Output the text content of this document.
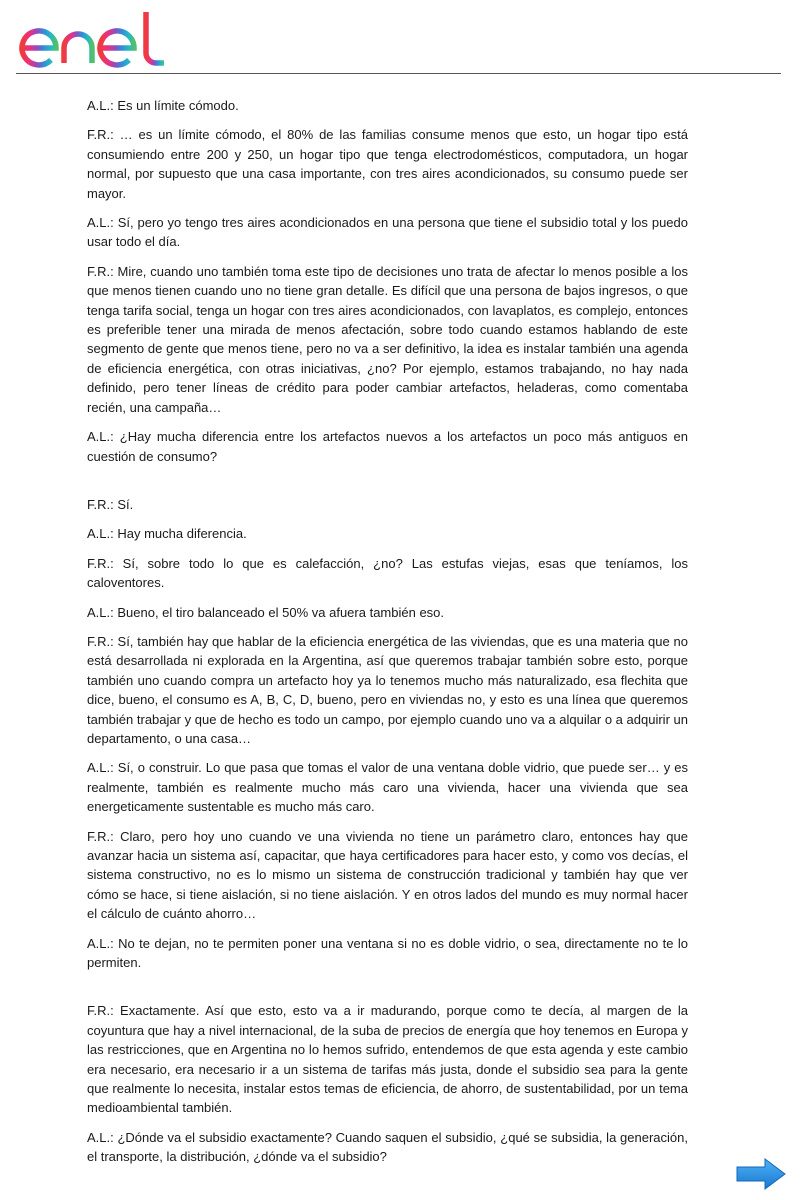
A.L.: Es un límite cómodo.

F.R.: … es un límite cómodo, el 80% de las familias consume menos que esto, un hogar tipo está consumiendo entre 200 y 250, un hogar tipo que tenga electrodomésticos, computadora, un hogar normal, por supuesto que una casa importante, con tres aires acondicionados, su consumo puede ser mayor.

A.L.: Sí, pero yo tengo tres aires acondicionados en una persona que tiene el subsidio total y los puedo usar todo el día.

F.R.: Mire, cuando uno también toma este tipo de decisiones uno trata de afectar lo menos posible a los que menos tienen cuando uno no tiene gran detalle. Es difícil que una persona de bajos ingresos, o que tenga tarifa social, tenga un hogar con tres aires acondicionados, con lavaplatos, es complejo, entonces es preferible tener una mirada de menos afectación, sobre todo cuando estamos hablando de este segmento de gente que menos tiene, pero no va a ser definitivo, la idea es instalar también una agenda de eficiencia energética, con otras iniciativas, ¿no? Por ejemplo, estamos trabajando, no hay nada definido, pero tener líneas de crédito para poder cambiar artefactos, heladeras, como comentaba recién, una campaña…

A.L.: ¿Hay mucha diferencia entre los artefactos nuevos a los artefactos un poco más antiguos en cuestión de consumo?

F.R.: Sí.

A.L.: Hay mucha diferencia.

F.R.: Sí, sobre todo lo que es calefacción, ¿no? Las estufas viejas, esas que teníamos, los caloventores.

A.L.: Bueno, el tiro balanceado el 50% va afuera también eso.

F.R.: Sí, también hay que hablar de la eficiencia energética de las viviendas, que es una materia que no está desarrollada ni explorada en la Argentina, así que queremos trabajar también sobre esto, porque también uno cuando compra un artefacto hoy ya lo tenemos mucho más naturalizado, esa flechita que dice, bueno, el consumo es A, B, C, D, bueno, pero en viviendas no, y esto es una línea que queremos también trabajar y que de hecho es todo un campo, por ejemplo cuando uno va a alquilar o a adquirir un departamento, o una casa…

A.L.: Sí, o construir. Lo que pasa que tomas el valor de una ventana doble vidrio, que puede ser… y es realmente, también es realmente mucho más caro una vivienda, hacer una vivienda que sea energeticamente sustentable es mucho más caro.

F.R.: Claro, pero hoy uno cuando ve una vivienda no tiene un parámetro claro, entonces hay que avanzar hacia un sistema así, capacitar, que haya certificadores para hacer esto, y como vos decías, el sistema constructivo, no es lo mismo un sistema de construcción tradicional y también hay que ver cómo se hace, si tiene aislación, si no tiene aislación. Y en otros lados del mundo es muy normal hacer el cálculo de cuánto ahorro…

A.L.: No te dejan, no te permiten poner una ventana si no es doble vidrio, o sea, directamente no te lo permiten.

F.R.: Exactamente. Así que esto, esto va a ir madurando, porque como te decía, al margen de la coyuntura que hay a nivel internacional, de la suba de precios de energía que hoy tenemos en Europa y las restricciones, que en Argentina no lo hemos sufrido, entendemos de que esta agenda y este cambio era necesario, era necesario ir a un sistema de tarifas más justa, donde el subsidio sea para la gente que realmente lo necesita, instalar estos temas de eficiencia, de ahorro, de sustentabilidad, por un tema medioambiental también.

A.L.: ¿Dónde va el subsidio exactamente? Cuando saquen el subsidio, ¿qué se subsidia, la generación, el transporte, la distribución, ¿dónde va el subsidio?
